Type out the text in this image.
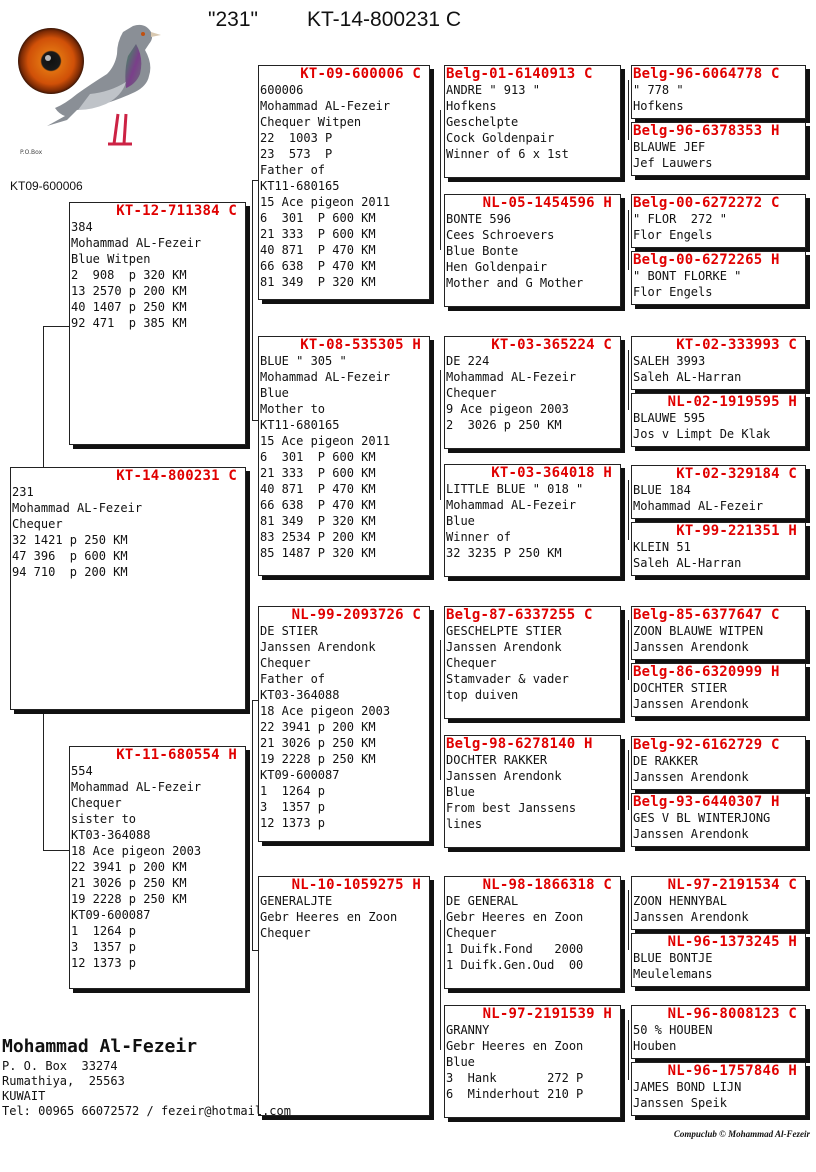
"231" KT-14-800231 C
P.O.Box
KT09-600006
KT-14-800231 C
231
Mohammad AL-Fezeir
Chequer
32 1421 p 250 KM
47 396  p 600 KM
94 710  p 200 KM
KT-12-711384 C
384
Mohammad AL-Fezeir
Blue Witpen
2  908  p 320 KM
13 2570 p 200 KM
40 1407 p 250 KM
92 471  p 385 KM
KT-11-680554 H
554
Mohammad AL-Fezeir
Chequer
sister to
KT03-364088
18 Ace pigeon 2003
22 3941 p 200 KM
21 3026 p 250 KM
19 2228 p 250 KM
KT09-600087
1  1264 p
3  1357 p
12 1373 p
KT-09-600006 C
600006
Mohammad AL-Fezeir
Chequer Witpen
22  1003 P
23  573  P
Father of
KT11-680165
15 Ace pigeon 2011
6  301  P 600 KM
21 333  P 600 KM
40 871  P 470 KM
66 638  P 470 KM
81 349  P 320 KM
KT-08-535305 H
BLUE " 305 "
Mohammad AL-Fezeir
Blue
Mother to
KT11-680165
15 Ace pigeon 2011
6  301  P 600 KM
21 333  P 600 KM
40 871  P 470 KM
66 638  P 470 KM
81 349  P 320 KM
83 2534 P 200 KM
85 1487 P 320 KM
NL-99-2093726 C
DE STIER
Janssen Arendonk
Chequer
Father of
KT03-364088
18 Ace pigeon 2003
22 3941 p 200 KM
21 3026 p 250 KM
19 2228 p 250 KM
KT09-600087
1  1264 p
3  1357 p
12 1373 p
NL-10-1059275 H
GENERALJTE
Gebr Heeres en Zoon
Chequer
Belg-01-6140913 C
ANDRE " 913 "
Hofkens
Geschelpte
Cock Goldenpair
Winner of 6 x 1st
NL-05-1454596 H
BONTE 596
Cees Schroevers
Blue Bonte
Hen Goldenpair
Mother and G Mother
KT-03-365224 C
DE 224
Mohammad AL-Fezeir
Chequer
9 Ace pigeon 2003
2  3026 p 250 KM
KT-03-364018 H
LITTLE BLUE " 018 "
Mohammad AL-Fezeir
Blue
Winner of
32 3235 P 250 KM
Belg-87-6337255 C
GESCHELPTE STIER
Janssen Arendonk
Chequer
Stamvader & vader
top duiven
Belg-98-6278140 H
DOCHTER RAKKER
Janssen Arendonk
Blue
From best Janssens
lines
NL-98-1866318 C
DE GENERAL
Gebr Heeres en Zoon
Chequer
1 Duifk.Fond   2000
1 Duifk.Gen.Oud  00
NL-97-2191539 H
GRANNY
Gebr Heeres en Zoon
Blue
3  Hank       272 P
6  Minderhout 210 P
Belg-96-6064778 C
" 778 "
Hofkens
Belg-96-6378353 H
BLAUWE JEF
Jef Lauwers
Belg-00-6272272 C
" FLOR  272 "
Flor Engels
Belg-00-6272265 H
" BONT FLORKE "
Flor Engels
KT-02-333993 C
SALEH 3993
Saleh AL-Harran
NL-02-1919595 H
BLAUWE 595
Jos v Limpt De Klak
KT-02-329184 C
BLUE 184
Mohammad AL-Fezeir
KT-99-221351 H
KLEIN 51
Saleh AL-Harran
Belg-85-6377647 C
ZOON BLAUWE WITPEN
Janssen Arendonk
Belg-86-6320999 H
DOCHTER STIER
Janssen Arendonk
Belg-92-6162729 C
DE RAKKER
Janssen Arendonk
Belg-93-6440307 H
GES V BL WINTERJONG
Janssen Arendonk
NL-97-2191534 C
ZOON HENNYBAL
Janssen Arendonk
NL-96-1373245 H
BLUE BONTJE
Meulelemans
NL-96-8008123 C
50 % HOUBEN
Houben
NL-96-1757846 H
JAMES BOND LIJN
Janssen Speik
Mohammad Al-Fezeir
P. O. Box  33274
Rumathiya,  25563
KUWAIT
Tel: 00965 66072572 / fezeir@hotmail.com
Compuclub © Mohammad Al-Fezeir
